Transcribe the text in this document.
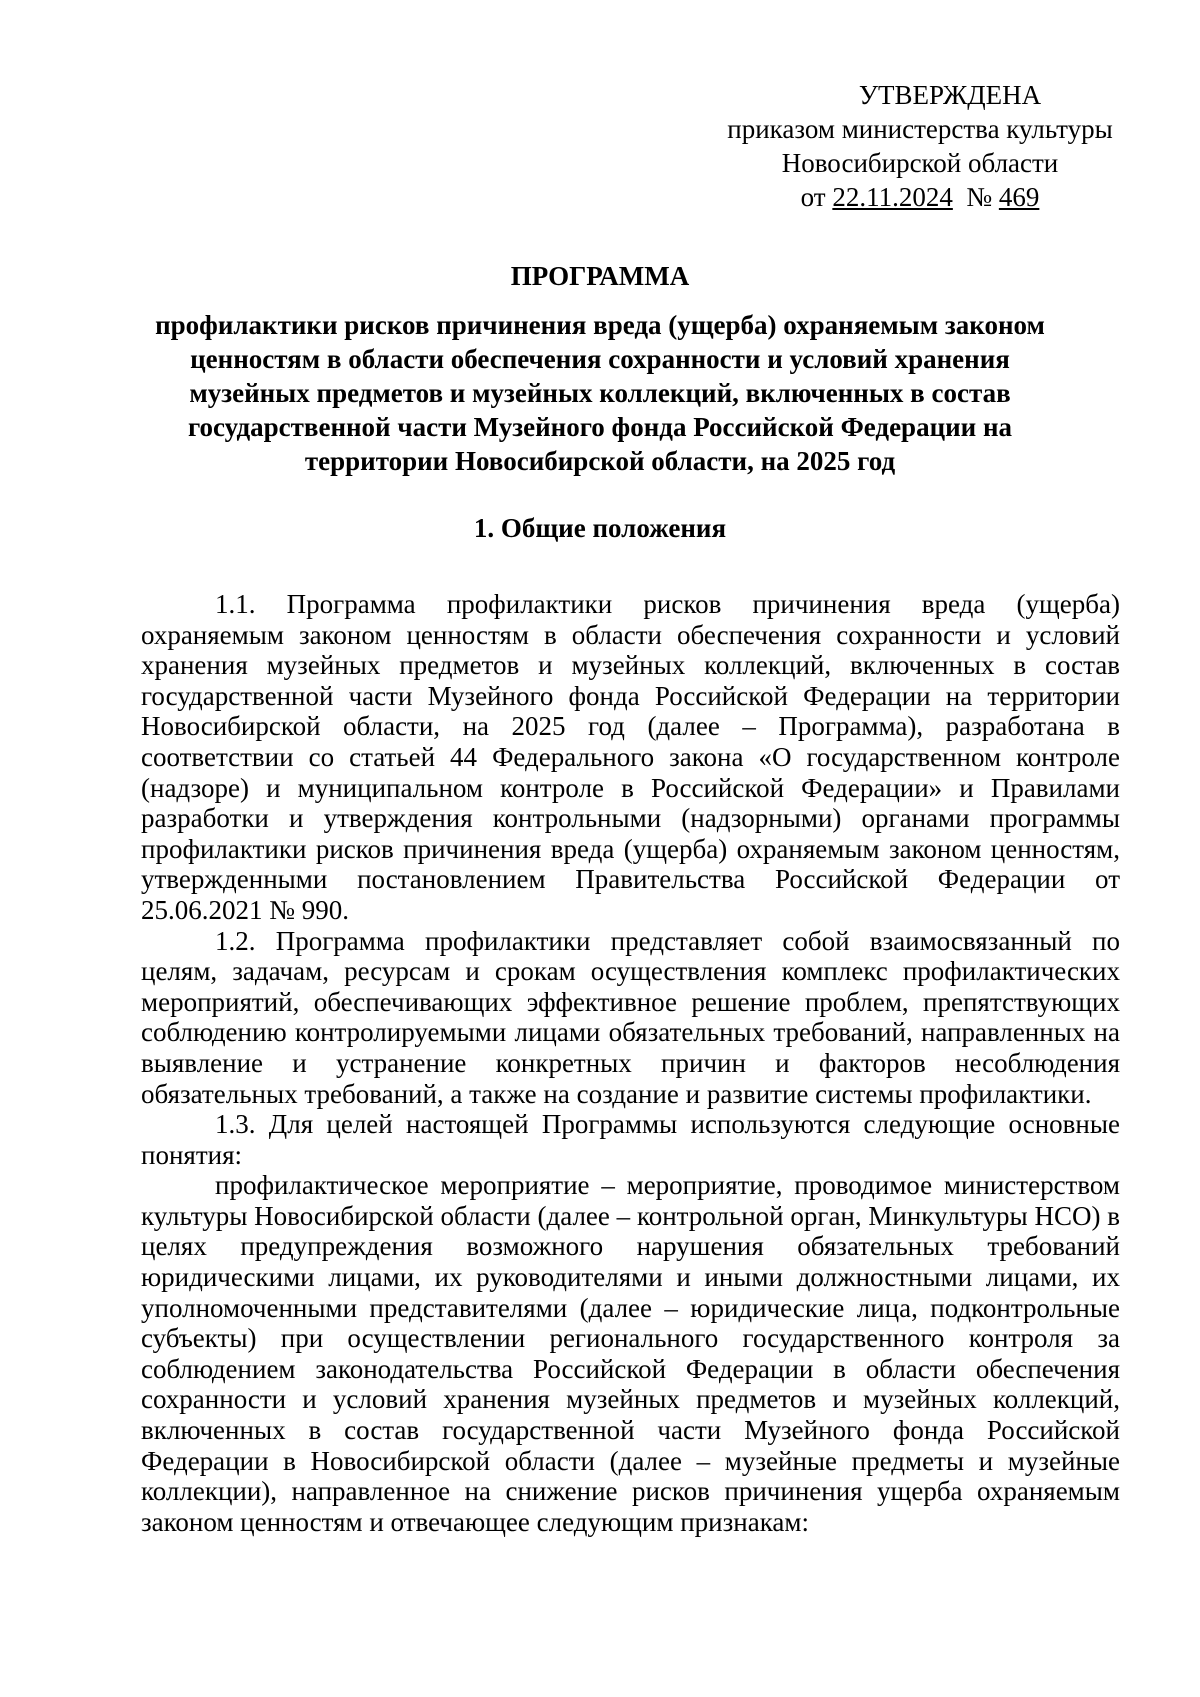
УТВЕРЖДЕНА
приказом министерства культуры
Новосибирской области
от 22.11.2024 № 469
ПРОГРАММА
профилактики рисков причинения вреда (ущерба) охраняемым законом ценностям в области обеспечения сохранности и условий хранения музейных предметов и музейных коллекций, включенных в состав государственной части Музейного фонда Российской Федерации на территории Новосибирской области, на 2025 год
1. Общие положения

1.1. Программа профилактики рисков причинения вреда (ущерба) охраняемым законом ценностям в области обеспечения сохранности и условий хранения музейных предметов и музейных коллекций, включенных в состав государственной части Музейного фонда Российской Федерации на территории Новосибирской области, на 2025 год (далее – Программа), разработана в соответствии со статьей 44 Федерального закона «О государственном контроле (надзоре) и муниципальном контроле в Российской Федерации» и Правилами разработки и утверждения контрольными (надзорными) органами программы профилактики рисков причинения вреда (ущерба) охраняемым законом ценностям, утвержденными постановлением Правительства Российской Федерации от 25.06.2021 № 990.

1.2. Программа профилактики представляет собой взаимосвязанный по целям, задачам, ресурсам и срокам осуществления комплекс профилактических мероприятий, обеспечивающих эффективное решение проблем, препятствующих соблюдению контролируемыми лицами обязательных требований, направленных на выявление и устранение конкретных причин и факторов несоблюдения обязательных требований, а также на создание и развитие системы профилактики.

1.3. Для целей настоящей Программы используются следующие основные понятия:

профилактическое мероприятие – мероприятие, проводимое министерством культуры Новосибирской области (далее – контрольной орган, Минкультуры НСО) в целях предупреждения возможного нарушения обязательных требований юридическими лицами, их руководителями и иными должностными лицами, их уполномоченными представителями (далее – юридические лица, подконтрольные субъекты) при осуществлении регионального государственного контроля за соблюдением законодательства Российской Федерации в области обеспечения сохранности и условий хранения музейных предметов и музейных коллекций, включенных в состав государственной части Музейного фонда Российской Федерации в Новосибирской области (далее – музейные предметы и музейные коллекции), направленное на снижение рисков причинения ущерба охраняемым законом ценностям и отвечающее следующим признакам:
